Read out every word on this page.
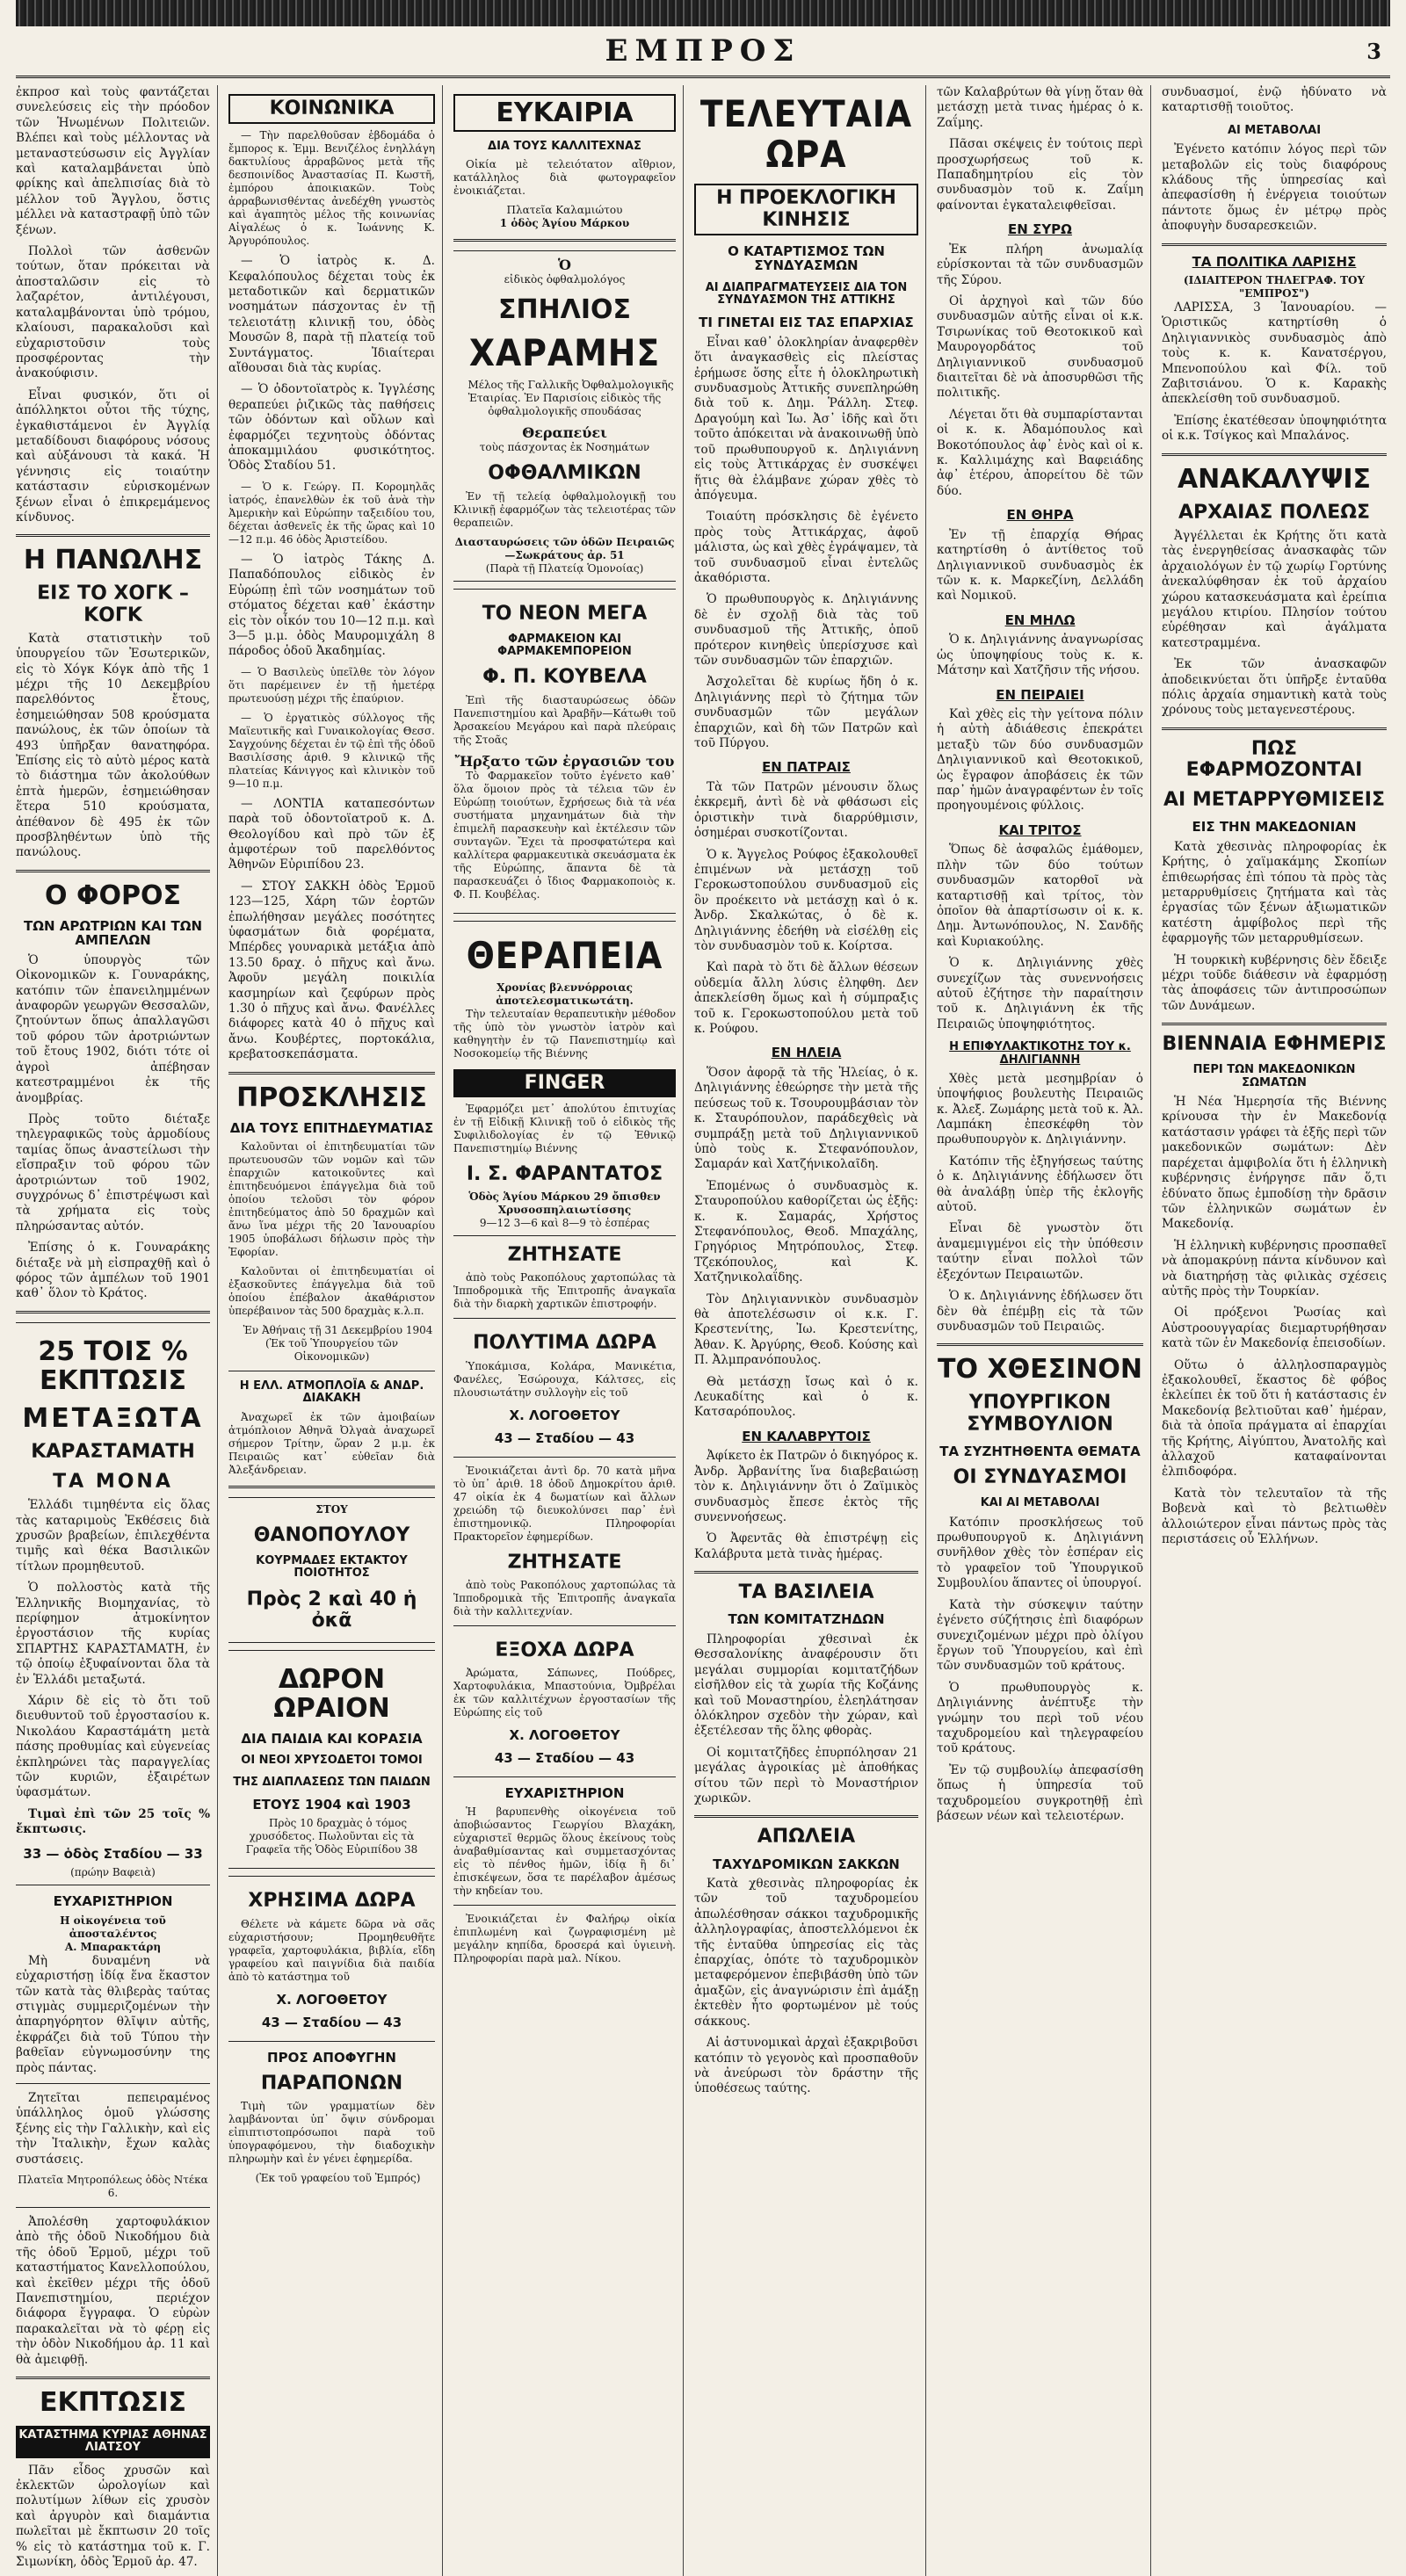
ΕΜΠΡΟΣ	3

ἐκπροσ καὶ τοὺς φαντάζεται συνελεύσεις εἰς τὴν πρόοδον τῶν Ἡνωμένων Πολιτειῶν. Βλέπει καὶ τοὺς μέλλοντας νὰ μεταναστεύσωσιν εἰς Ἀγγλίαν καὶ καταλαμβάνεται ὑπὸ φρίκης καὶ ἀπελπισίας διὰ τὸ μέλλον τοῦ Ἄγγλου, ὅστις μέλλει νὰ καταστραφῇ ὑπὸ τῶν ξένων.

Πολλοὶ τῶν ἀσθενῶν τούτων, ὅταν πρόκειται νὰ ἀποσταλῶσιν εἰς τὸ λαζαρέτον, ἀντιλέγουσι, καταλαμβάνονται ὑπὸ τρόμου, κλαίουσι, παρακαλοῦσι καὶ εὐχαριστοῦσιν τοὺς προσφέροντας τὴν ἀνακούφισιν.

Εἶναι φυσικόν, ὅτι οἱ ἀπόλληκτοι οὗτοι τῆς τύχης, ἐγκαθιστάμενοι ἐν Ἀγγλίᾳ μεταδίδουσι διαφόρους νόσους καὶ αὐξάνουσι τὰ κακά. Ἡ γέννησις εἰς τοιαύτην κατάστασιν εὑρισκομένων ξένων εἶναι ὁ ἐπικρεμάμενος κίνδυνος.

Η ΠΑΝΩΛΗΣ
ΕΙΣ ΤΟ ΧΟΓΚ – ΚΟΓΚ

Κατὰ στατιστικὴν τοῦ ὑπουργείου τῶν Ἐσωτερικῶν, εἰς τὸ Χόγκ Κόγκ ἀπὸ τῆς 1 μέχρι τῆς 10 Δεκεμβρίου παρελθόντος ἔτους, ἐσημειώθησαν 508 κρούσματα πανώλους, ἐκ τῶν ὁποίων τὰ 493 ὑπῆρξαν θανατηφόρα. Ἐπίσης εἰς τὸ αὐτὸ μέρος κατὰ τὸ διάστημα τῶν ἀκολούθων ἑπτὰ ἡμερῶν, ἐσημειώθησαν ἕτερα 510 κρούσματα, ἀπέθανον δὲ 495 ἐκ τῶν προσβληθέντων ὑπὸ τῆς πανώλους.

Ο ΦΟΡΟΣ
ΤΩΝ ΑΡΩΤΡΙΩΝ ΚΑΙ ΤΩΝ ΑΜΠΕΛΩΝ

Ὁ ὑπουργὸς τῶν Οἰκονομικῶν κ. Γουναράκης, κατόπιν τῶν ἐπανειλημμένων ἀναφορῶν γεωργῶν Θεσσαλῶν, ζητούντων ὅπως ἀπαλλαγῶσι τοῦ φόρου τῶν ἀροτριώντων τοῦ ἔτους 1902, διότι τότε οἱ ἀγροὶ ἀπέβησαν κατεστραμμένοι ἐκ τῆς ἀνομβρίας.

Πρὸς τοῦτο διέταξε τηλεγραφικῶς τοὺς ἀρμοδίους ταμίας ὅπως ἀναστείλωσι τὴν εἴσπραξιν τοῦ φόρου τῶν ἀροτριώντων τοῦ 1902, συγχρόνως δ᾽ ἐπιστρέψωσι καὶ τὰ χρήματα εἰς τοὺς πληρώσαντας αὐτόν.

Ἐπίσης ὁ κ. Γουναράκης διέταξε νὰ μὴ εἰσπραχθῇ καὶ ὁ φόρος τῶν ἀμπέλων τοῦ 1901 καθ᾽ ὅλον τὸ Κράτος.

25 ΤΟΙΣ % ΕΚΠΤΩΣΙΣ
ΜΕΤΑΞΩΤΑ
ΚΑΡΑΣΤΑΜΑΤΗ
ΤΑ ΜΟΝΑ

Ἑλλάδι τιμηθέντα εἰς ὅλας τὰς καταριμοὺς Ἐκθέσεις διὰ χρυσῶν βραβείων, ἐπιλεχθέντα τιμῆς καὶ θέκα Βασιλικῶν τίτλων προμηθευτοῦ.

Ὁ πολλοστὸς κατὰ τῆς Ἑλληνικῆς Βιομηχανίας, τὸ περίφημον ἀτμοκίνητον ἐργοστάσιον τῆς κυρίας ΣΠΑΡΤΗΣ ΚΑΡΑΣΤΑΜΑΤΗ, ἐν τῷ ὁποίῳ ἐξυφαίνονται ὅλα τὰ ἐν Ἑλλάδι μεταξωτά.

Χάριν δὲ εἰς τὸ ὄτι τοῦ διευθυντοῦ τοῦ ἐργοστασίου κ. Νικολάου Καραστάμάτη μετὰ πάσης προθυμίας καὶ εὐγενείας ἐκπληρώνει τὰς παραγγελίας τῶν κυριῶν, ἐξαιρέτων ὑφασμάτων.

Τιμαὶ ἐπὶ τῶν 25 τοῖς % ἔκπτωσις.

33 — ὁδὸς Σταδίου — 33
(πρώην Βαφειὰ)
ΕΥΧΑΡΙΣΤΗΡΙΟΝ
Η οἰκογένεια τοῦ ἀποσταλέντος
Α. Μπαρακτάρη

Μὴ δυναμένη νὰ εὐχαριστήσῃ ἰδίᾳ ἕνα ἕκαστον τῶν κατὰ τὰς θλιβερὰς ταύτας στιγμὰς συμμεριζομένων τὴν ἀπαρηγόρητον θλῖψιν αὐτῆς, ἐκφράζει διὰ τοῦ Τύπου τὴν βαθεῖαν εὐγνωμοσύνην της πρὸς πάντας.

Ζητεῖται πεπειραμένος ὑπάλληλος ὁμοῦ γλώσσης ξένης εἰς τὴν Γαλλικὴν, καὶ εἰς τὴν Ἰταλικὴν, ἔχων καλὰς συστάσεις.

Πλατεῖα Μητροπόλεως ὁδὸς Ντέκα 6.

Ἀπολέσθη χαρτοφυλάκιον ἀπὸ τῆς ὁδοῦ Νικοδήμου διὰ τῆς ὁδοῦ Ἑρμοῦ, μέχρι τοῦ καταστήματος Κανελλοπούλου, καὶ ἐκεῖθεν μέχρι τῆς ὁδοῦ Πανεπιστημίου, περιέχον διάφορα ἔγγραφα. Ὁ εὑρὼν παρακαλεῖται νὰ τὸ φέρῃ εἰς τὴν ὁδὸν Νικοδήμου ἀρ. 11 καὶ θὰ ἀμειφθῇ.

ΕΚΠΤΩΣΙΣ
ΚΑΤΑΣΤΗΜΑ ΚΥΡΙΑΣ ΑΘΗΝΑΣ ΛΙΑΤΣΟΥ

Πᾶν εἶδος χρυσῶν καὶ ἐκλεκτῶν ὡρολογίων καὶ πολυτίμων λίθων εἰς χρυσὸν καὶ ἀργυρὸν καὶ διαμάντια πωλεῖται μὲ ἔκπτωσιν 20 τοῖς % εἰς τὸ κατάστημα τοῦ κ. Γ. Σιμωνίκη, ὁδὸς Ἑρμοῦ ἀρ. 47.

ΚΟΙΝΩΝΙΚΑ

— Τὴν παρελθοῦσαν ἑβδομάδα ὁ ἔμπορος κ. Ἐμμ. Βενιζέλος ἐνηλλάγη δακτυλίους ἀρραβῶνος μετὰ τῆς δεσποινίδος Ἀναστασίας Π. Κωστῆ, ἐμπόρου ἀποικιακῶν. Τοὺς ἀρραβωνισθέντας ἀνεδέχθη γνωστὸς καὶ ἀγαπητὸς μέλος τῆς κοινωνίας Αἰγαλέως ὁ κ. Ἰωάννης Κ. Ἀργυρόπουλος.

— Ὁ ἰατρὸς κ. Δ. Κεφαλόπουλος δέχεται τοὺς ἐκ μεταδοτικῶν καὶ δερματικῶν νοσημάτων πάσχοντας ἐν τῇ τελειοτάτῃ κλινικῇ του, ὁδὸς Μουσῶν 8, παρὰ τῇ πλατείᾳ τοῦ Συντάγματος. Ἰδιαίτεραι αἴθουσαι διὰ τὰς κυρίας.

— Ὁ ὀδοντοϊατρὸς κ. Ἰγγλέσης θεραπεύει ῥιζικῶς τὰς παθήσεις τῶν ὀδόντων καὶ οὔλων καὶ ἐφαρμόζει τεχνητοὺς ὀδόντας ἀποκαμμιλάου φυσικότητος. Ὁδὸς Σταδίου 51.

— Ὁ κ. Γεώργ. Π. Κορομηλᾶς ἰατρός, ἐπανελθὼν ἐκ τοῦ ἀνὰ τὴν Ἀμερικὴν καὶ Εὐρώπην ταξειδίου του, δέχεται ἀσθενεῖς ἐκ τῆς ὥρας καὶ 10—12 π.μ. 46 ὁδὸς Ἀριστείδου.

— Ὁ ἰατρὸς Τάκης Δ. Παπαδόπουλος εἰδικὸς ἐν Εὐρώπῃ ἐπὶ τῶν νοσημάτων τοῦ στόματος δέχεται καθ᾽ ἑκάστην εἰς τὸν οἶκόν του 10—12 π.μ. καὶ 3—5 μ.μ. ὁδὸς Μαυρομιχάλη 8 πάροδος ὁδοῦ Ἀκαδημίας.

— Ὁ Βασιλεὺς ὑπεῖλθε τὸν λόγον ὅτι παρέμεινεν ἐν τῇ ἡμετέρᾳ πρωτευούσῃ μέχρι τῆς ἐπαύριον.

— Ὁ ἐργατικὸς σύλλογος τῆς Μαϊευτικῆς καὶ Γυναικολογίας Θεσσ. Σαγχούνης δέχεται ἐν τῷ ἐπὶ τῆς ὁδοῦ Βασιλίσσης ἀριθ. 9 κλινικῷ τῆς πλατείας Κάνιγγος καὶ κλινικὸν τοῦ 9—10 π.μ.

— ΛΟΝΤΙΑ καταπεσόντων παρὰ τοῦ ὀδοντοϊατροῦ κ. Δ. Θεολογίδου καὶ πρὸ τῶν ἐξ ἀμφοτέρων τοῦ παρελθόντος Ἀθηνῶν Εὐριπίδου 23.

— ΣΤΟΥ ΣΑΚΚΗ ὁδὸς Ἑρμοῦ 123—125, Χάρη τῶν ἑορτῶν ἐπωλήθησαν μεγάλες ποσότητες ὑφασμάτων διὰ φορέματα, Μπέρδες γουναρικὰ μετάξια ἀπὸ 13.50 δραχ. ὁ πῆχυς καὶ ἄνω. Ἀφοῦν μεγάλη ποικιλία κασμηρίων καὶ ζεφύρων πρὸς 1.30 ὁ πῆχυς καὶ ἄνω. Φανέλλες διάφορες κατὰ 40 ὁ πῆχυς καὶ ἄνω. Κουβέρτες, πορτοκάλια, κρεβατοσκεπάσματα.

ΠΡΟΣΚΛΗΣΙΣ
ΔΙΑ ΤΟΥΣ ΕΠΙΤΗΔΕΥΜΑΤΙΑΣ

Καλοῦνται οἱ ἐπιτηδευματίαι τῶν πρωτευουσῶν τῶν νομῶν καὶ τῶν ἐπαρχιῶν κατοικοῦντες καὶ ἐπιτηδευόμενοι ἐπάγγελμα διὰ τοῦ ὁποίου τελοῦσι τὸν φόρον ἐπιτηδεύματος ἀπὸ 50 δραχμῶν καὶ ἄνω ἵνα μέχρι τῆς 20 Ἰανουαρίου 1905 ὑποβάλωσι δήλωσιν πρὸς τὴν Ἐφορίαν.

Καλοῦνται οἱ ἐπιτηδευματίαι οἱ ἐξασκοῦντες ἐπάγγελμα διὰ τοῦ ὁποίου ἐπέβαλον ἀκαθάριστον ὑπερέβαινον τὰς 500 δραχμὰς κ.λ.π.

Ἐν Ἀθήναις τῇ 31 Δεκεμβρίου 1904 (Ἐκ τοῦ Ὑπουργείου τῶν Οἰκονομικῶν)

Η ΕΛΛ. ΑΤΜΟΠΛΟΪΑ & ΑΝΔΡ. ΔΙΑΚΑΚΗ

Ἀναχωρεῖ ἐκ τῶν ἀμοιβαίων ἀτμόπλοιον Ἀθηνᾶ Ὀλγαὰ ἀναχωρεῖ σήμερον Τρίτην, ὥραν 2 μ.μ. ἐκ Πειραιῶς κατ᾽ εὐθεῖαν διὰ Ἀλεξάνδρειαν.

ΣΤΟΥ
ΘΑΝΟΠΟΥΛΟΥ
ΚΟΥΡΜΑΔΕΣ ΕΚΤΑΚΤΟΥ ΠΟΙΟΤΗΤΟΣ
Πρὸς 2 καὶ 40 ἡ ὀκᾶ
ΔΩΡΟΝ ΩΡΑΙΟΝ
ΔΙΑ ΠΑΙΔΙΑ ΚΑΙ ΚΟΡΑΣΙΑ
ΟΙ ΝΕΟΙ ΧΡΥΣΟΔΕΤΟΙ ΤΟΜΟΙ
ΤΗΣ ΔΙΑΠΛΑΣΕΩΣ ΤΩΝ ΠΑΙΔΩΝ
ΕΤΟΥΣ 1904 καὶ 1903

Πρὸς 10 δραχμὰς ὁ τόμος χρυσόδετος. Πωλοῦνται εἰς τὰ Γραφεῖα τῆς Ὁδὸς Εὐριπίδου 38

ΧΡΗΣΙΜΑ ΔΩΡΑ

Θέλετε νὰ κάμετε δῶρα νὰ σᾶς εὐχαριστήσουν; Προμηθευθῆτε γραφεῖα, χαρτοφυλάκια, βιβλία, εἴδη γραφείου καὶ παιγνίδια διὰ παιδία ἀπὸ τὸ κατάστημα τοῦ

Χ. ΛΟΓΟΘΕΤΟΥ
43 — Σταδίου — 43
ΠΡΟΣ ΑΠΟΦΥΓΗΝ
ΠΑΡΑΠΟΝΩΝ

Τιμὴ τῶν γραμματίων δὲν λαμβάνονται ὑπ᾽ ὄψιν σύνδρομαι εἰπιπτιστοπρόσωποι παρὰ τοῦ ὑπογραφόμενου, τὴν διαδοχικὴν πληρωμὴν καὶ ἐν γένει ἐφημερίδα.

(Ἐκ τοῦ γραφείου τοῦ Ἐμπρός)

ΕΥΚΑΙΡΙΑ
ΔΙΑ ΤΟΥΣ ΚΑΛΛΙΤΕΧΝΑΣ

Οἰκία μὲ τελειότατον αἴθριον, κατάλληλος διὰ φωτογραφεῖον ἐνοικιάζεται.

Πλατεῖα Καλαμιώτου
1 ὁδὸς Ἁγίου Μάρκου
Ὁ
εἰδικὸς ὀφθαλμολόγος
ΣΠΗΛΙΟΣ
ΧΑΡΑΜΗΣ

Μέλος τῆς Γαλλικῆς Ὀφθαλμολογικῆς Ἑταιρίας. Ἐν Παρισίοις εἰδικὸς τῆς ὀφθαλμολογικῆς σπουδάσας

Θεραπεύει
τοὺς πάσχοντας ἐκ Νοσημάτων
ΟΦΘΑΛΜΙΚΩΝ

Ἐν τῇ τελείᾳ ὀφθαλμολογικῇ του Κλινικῇ ἐφαρμόζων τὰς τελειοτέρας τῶν θεραπειῶν.

Διασταυρώσεις τῶν ὁδῶν Πειραιῶς—Σωκράτους ἀρ. 51
(Παρὰ τῇ Πλατείᾳ Ὁμονοίας)
ΤΟ ΝΕΟΝ ΜΕΓΑ
ΦΑΡΜΑΚΕΙΟΝ ΚΑΙ ΦΑΡΜΑΚΕΜΠΟΡΕΙΟΝ
Φ. Π. ΚΟΥΒΕΛΑ

Ἐπὶ τῆς διασταυρώσεως ὁδῶν Πανεπιστημίου καὶ Ἀραβῆν—Κάτωθι τοῦ Ἀρσακείου Μεγάρου καὶ παρὰ πλεύραις τῆς Στοᾶς

Ἤρξατο τῶν ἐργασιῶν του

Τὸ Φαρμακεῖον τοῦτο ἐγένετο καθ᾽ ὅλα ὅμοιον πρὸς τὰ τέλεια τῶν ἐν Εὐρώπῃ τοιούτων, ἔχρήσεως διὰ τὰ νέα συστήματα μηχανημάτων διὰ τὴν ἐπιμελῆ παρασκευὴν καὶ ἐκτέλεσιν τῶν συνταγῶν. Ἔχει τὰ προσφατώτερα καὶ καλλίτερα φαρμακευτικὰ σκευάσματα ἐκ τῆς Εὐρώπης, ἅπαντα δὲ τὰ παρασκευάζει ὁ ἴδιος Φαρμακοποιὸς κ. Φ. Π. Κουβέλας.

ΘΕΡΑΠΕΙΑ
Χρονίας βλεννόρροιας ἀποτελεσματικωτάτη.

Τὴν τελευταίαν θεραπευτικὴν μέθοδον τῆς ὑπὸ τὸν γνωστὸν ἰατρὸν καὶ καθηγητὴν ἐν τῷ Πανεπιστημίῳ καὶ Νοσοκομείῳ τῆς Βιέννης

FINGER

Ἐφαρμόζει μετ᾽ ἀπολύτου ἐπιτυχίας ἐν τῇ Εἰδικῇ Κλινικῇ τοῦ ὁ εἰδικὸς τῆς Συφιλιδολογίας ἐν τῷ Ἐθνικῷ Πανεπιστημίῳ Βιέννης

Ι. Σ. ΦΑΡΑΝΤΑΤΟΣ
Ὁδὸς Ἁγίου Μάρκου 29 ὄπισθεν Χρυσοσπηλαιωτίσσης
9—12 3—6 καὶ 8—9 τὸ ἑσπέρας
ΖΗΤΗΣΑΤΕ

ἀπὸ τοὺς Ρακοπόλους χαρτοπώλας τὰ Ἱπποδρομικὰ τῆς Ἐπιτροπῆς ἀναγκαῖα διὰ τὴν διαρκὴ χαρτικῶν ἐπιστροφήν.

ΠΟΛΥΤΙΜΑ ΔΩΡΑ

Ὑποκάμισα, Κολάρα, Μανικέτια, Φανέλες, Ἐσώρουχα, Κάλτσες, εἰς πλουσιωτάτην συλλογὴν εἰς τοῦ

Χ. ΛΟΓΟΘΕΤΟΥ
43 — Σταδίου — 43

Ἐνοικιάζεται ἀντὶ δρ. 70 κατὰ μῆνα τὸ ὑπ᾽ ἀριθ. 18 ὁδοῦ Δημοκρίτου ἀριθ. 47 οἰκία ἐκ 4 δωματίων καὶ ἄλλων χρειώδη τῷ διευκολύνσει παρ᾽ ἑνὶ ἐπιστημονικῷ. Πληροφορίαι Πρακτορεῖον ἐφημερίδων.

ΖΗΤΗΣΑΤΕ

ἀπὸ τοὺς Ρακοπόλους χαρτοπώλας τὰ Ἱπποδρομικὰ τῆς Ἐπιτροπῆς ἀναγκαῖα διὰ τὴν καλλιτεχνίαν.

ΕΞΟΧΑ ΔΩΡΑ

Ἀρώματα, Σάπωνες, Πούδρες, Χαρτοφυλάκια, Μπαστούνια, Ὀμβρέλαι ἐκ τῶν καλλιτέχνων ἐργοστασίων τῆς Εὐρώπης εἰς τοῦ

Χ. ΛΟΓΟΘΕΤΟΥ
43 — Σταδίου — 43
ΕΥΧΑΡΙΣΤΗΡΙΟΝ

Ἡ βαρυπενθὴς οἰκογένεια τοῦ ἀποβιώσαντος Γεωργίου Βλαχάκη, εὐχαριστεῖ θερμῶς ὅλους ἐκείνους τοὺς ἀναβαθμίσαντας καὶ συμμετασχόντας εἰς τὸ πένθος ἡμῶν, ἰδίᾳ ἢ δι᾽ ἐπισκέψεων, ὅσα τε παρέλαβον ἀμέσως τὴν κηδείαν του.

Ἐνοικιάζεται ἐν Φαλήρῳ οἰκία ἐπιπλωμένη καὶ ζωγραφισμένη μὲ μεγάλην κηπίδα, δροσερά καὶ ὑγιεινὴ. Πληροφορίαι παρὰ μαλ. Νίκου.

ΤΕΛΕΥΤΑΙΑ ΩΡΑ
Η ΠΡΟΕΚΛΟΓΙΚΗ ΚΙΝΗΣΙΣ
Ο ΚΑΤΑΡΤΙΣΜΟΣ ΤΩΝ ΣΥΝΔΥΑΣΜΩΝ
ΑΙ ΔΙΑΠΡΑΓΜΑΤΕΥΣΕΙΣ ΔΙΑ ΤΟΝ ΣΥΝΔΥΑΣΜΟΝ ΤΗΣ ΑΤΤΙΚΗΣ
ΤΙ ΓΙΝΕΤΑΙ ΕΙΣ ΤΑΣ ΕΠΑΡΧΙΑΣ

Εἶναι καθ᾽ ὁλοκληρίαν ἀναφερθὲν ὅτι ἀναγκασθεὶς εἰς πλείστας ἐρήμωσε ὅσης εἶτε ἡ ὁλοκληρωτικὴ συνδυασμοὺς Ἀττικῆς συνεπληρώθη διὰ τοῦ κ. Δημ. Ῥάλλη. Στεφ. Δραγούμη καὶ Ἰω. Ἀσ᾽ ἰδῆς καὶ ὅτι τοῦτο ἀπόκειται νὰ ἀνακοινωθῇ ὑπὸ τοῦ πρωθυπουργοῦ κ. Δηλιγιάννη εἰς τοὺς Ἀττικάρχας ἐν συσκέψει ἥτις θὰ ἐλάμβανε χώραν χθὲς τὸ ἀπόγευμα.

Τοιαύτη πρόσκλησις δὲ ἐγένετο πρὸς τοὺς Ἀττικάρχας, ἀφοῦ μάλιστα, ὡς καὶ χθὲς ἐγράψαμεν, τὰ τοῦ συνδυασμοῦ εἶναι ἐντελῶς ἀκαθόριστα.

Ὁ πρωθυπουργὸς κ. Δηλιγιάννης δὲ ἐν σχολῇ διὰ τὰς τοῦ συνδυασμοῦ τῆς Ἀττικῆς, ὁποῦ πρότερον κινηθεὶς ὑπερίσχυσε καὶ τῶν συνδυασμῶν τῶν ἐπαρχιῶν.

Ἀσχολεῖται δὲ κυρίως ἤδη ὁ κ. Δηλιγιάννης περὶ τὸ ζήτημα τῶν συνδυασμῶν τῶν μεγάλων ἐπαρχιῶν, καὶ δὴ τῶν Πατρῶν καὶ τοῦ Πύργου.

ΕΝ ΠΑΤΡΑΙΣ

Τὰ τῶν Πατρῶν μένουσιν ὅλως ἐκκρεμῆ, ἀντὶ δὲ νὰ φθάσωσι εἰς ὁριστικὴν τινὰ διαρρύθμισιν, ὁσημέραι συσκοτίζονται.

Ὁ κ. Ἄγγελος Ρούφος ἐξακολουθεῖ ἐπιμένων νὰ μετάσχῃ τοῦ Γεροκωστοπούλου συνδυασμοῦ εἰς ὃν προέκειτο νὰ μετάσχῃ καὶ ὁ κ. Ἀνδρ. Σκαλκώτας, ὁ δὲ κ. Δηλιγιάννης ἐδεήθη νὰ εἰσέλθῃ εἰς τὸν συνδυασμὸν τοῦ κ. Κοίρτσα.

Καὶ παρὰ τὸ ὅτι δὲ ἄλλων θέσεων οὐδεμία ἄλλη λύσις ἐληφθη. Δεν ἀπεκλείσθη ὅμως καὶ ἡ σύμπραξις τοῦ κ. Γεροκωστοπούλου μετὰ τοῦ κ. Ρούφου.

ΕΝ ΗΛΕΙΑ

Ὅσον ἀφορᾷ τὰ τῆς Ἠλείας, ὁ κ. Δηλιγιάννης ἐθεώρησε τὴν μετὰ τῆς πεύσεως τοῦ κ. Τσουρουμβάσιαν τὸν κ. Σταυρόπουλον, παράδεχθεὶς νὰ συμπράξῃ μετὰ τοῦ Δηλιγιαννικοῦ ὑπὸ τοὺς κ. Στεφανόπουλον, Σαμαράν καὶ Χατζήνικολαῖδη.

Ἐπομένως ὁ συνδυασμὸς κ. Σταυροπούλου καθορίζεται ὡς ἑξῆς: κ. κ. Σαμαράς, Χρήστος Στεφανόπουλος, Θεοδ. Μπαχάλης, Γρηγόριος Μητρόπουλος, Στεφ. Τζεκόπουλος, καὶ Κ. Χατζηνικολαΐδης.

Τὸν Δηλιγιαννικὸν συνδυασμὸν θὰ ἀποτελέσωσιν οἱ κ.κ. Γ. Κρεστενίτης, Ἰω. Κρεστενίτης, Ἀθαν. Κ. Ἀργύρης, Θεοδ. Κούσης καὶ Π. Ἀλμπρανόπουλος.

Θὰ μετάσχῃ ἴσως καὶ ὁ κ. Λευκαδίτης καὶ ὁ κ. Κατσαρόπουλος.

ΕΝ ΚΑΛΑΒΡΥΤΟΙΣ

Ἀφίκετο ἐκ Πατρῶν ὁ δικηγόρος κ. Ἀνδρ. Ἀρβανίτης ἵνα διαβεβαιώσῃ τὸν κ. Δηλιγιάννην ὅτι ὁ Ζαϊμικὸς συνδυασμὸς ἔπεσε ἐκτὸς τῆς συνεννοήσεως.

Ὁ Ἀφεντᾶς θὰ ἐπιστρέψῃ εἰς Καλάβρυτα μετὰ τινὰς ἡμέρας.

ΤΑ ΒΑΣΙΛΕΙΑ
ΤΩΝ ΚΟΜΙΤΑΤΖΗΔΩΝ

Πληροφορίαι χθεσιναὶ ἐκ Θεσσαλονίκης ἀναφέρουσιν ὅτι μεγάλαι συμμορίαι κομιτατζήδων εἰσῆλθον εἰς τὰ χωρία τῆς Κοζάνης καὶ τοῦ Μοναστηρίου, ἐλεηλάτησαν ὁλόκληρον σχεδὸν τὴν χώραν, καὶ ἐξετέλεσαν τῆς ὅλης φθορὰς.

Οἱ κομιτατζῆδες ἐπυρπόλησαν 21 μεγάλας ἀγροικίας μὲ ἀποθήκας σίτου τῶν περὶ τὸ Μοναστήριον χωρικῶν.

ΑΠΩΛΕΙΑ
ΤΑΧΥΔΡΟΜΙΚΩΝ ΣΑΚΚΩΝ

Κατὰ χθεσινὰς πληροφορίας ἐκ τῶν τοῦ ταχυδρομείου ἀπωλέσθησαν σάκκοι ταχυδρομικῆς ἀλληλογραφίας, ἀποστελλόμενοι ἐκ τῆς ἐνταῦθα ὑπηρεσίας εἰς τὰς ἐπαρχίας, ὁπότε τὸ ταχυδρομικὸν μεταφερόμενον ἐπεβιβάσθη ὑπὸ τῶν ἀμαξῶν, εἰς ἀναγνώρισιν ἐπὶ ἁμάξῃ ἐκτεθὲν ἦτο φορτωμένον μὲ τούς σάκκους.

Αἱ ἀστυνομικαὶ ἀρχαὶ ἐξακριβοῦσι κατόπιν τὸ γεγονὸς καὶ προσπαθοῦν νὰ ἀνεύρωσι τὸν δράστην τῆς ὑποθέσεως ταύτης.

τῶν Καλαβρύτων θὰ γίνῃ ὅταν θὰ μετάσχῃ μετὰ τινας ἡμέρας ὁ κ. Ζαΐμης.

Πᾶσαι σκέψεις ἐν τούτοις περὶ προσχωρήσεως τοῦ κ. Παπαδημητρίου εἰς τὸν συνδυασμὸν τοῦ κ. Ζαΐμη φαίνονται ἐγκαταλειφθεῖσαι.

ΕΝ ΣΥΡΩ

Ἐκ πλήρη ἀνωμαλίᾳ εὑρίσκονται τὰ τῶν συνδυασμῶν τῆς Σύρου.

Οἱ ἀρχηγοὶ καὶ τῶν δύο συνδυασμῶν αὐτῆς εἶναι οἱ κ.κ. Τσιρωνίκας τοῦ Θεοτοκικοῦ καὶ Μαυρογορδάτος τοῦ Δηλιγιαννικοῦ συνδυασμοῦ διαιτεῖται δὲ νὰ ἀποσυρθῶσι τῆς πολιτικῆς.

Λέγεται ὅτι θὰ συμπαρίστανται οἱ κ. κ. Ἀδαμόπουλος καὶ Βοκοτόπουλος ἀφ᾽ ἑνὸς καὶ οἱ κ. κ. Καλλιμάχης καὶ Βαφειάδης ἀφ᾽ ἑτέρου, ἀπορείτου δὲ τῶν δύο.

ΕΝ ΘΗΡΑ

Ἐν τῇ ἐπαρχίᾳ Θήρας κατηρτίσθη ὁ ἀντίθετος τοῦ Δηλιγιαννικοῦ συνδυασμὸς ἐκ τῶν κ. κ. Μαρκεζίνη, Δελλάδη καὶ Νομικοῦ.

ΕΝ ΜΗΛΩ

Ὁ κ. Δηλιγιάννης ἀναγνωρίσας ὡς ὑποψηφίους τοὺς κ. κ. Μάτσην καὶ Χατζῆσιν τῆς νήσου.

ΕΝ ΠΕΙΡΑΙΕΙ

Καὶ χθὲς εἰς τὴν γείτονα πόλιν ἡ αὐτὴ ἀδιάθεσις ἐπεκράτει μεταξὺ τῶν δύο συνδυασμῶν Δηλιγιαννικοῦ καὶ Θεοτοκικοῦ, ὡς ἔγραφον ἀποβάσεις ἐκ τῶν παρ᾽ ἡμῶν ἀναγραφέντων ἐν τοῖς προηγουμένοις φύλλοις.

ΚΑΙ ΤΡΙΤΟΣ

Ὅπως δὲ ἀσφαλῶς ἐμάθομεν, πλὴν τῶν δύο τούτων συνδυασμῶν κατορθοῖ νὰ καταρτισθῇ καὶ τρίτος, τὸν ὁποῖον θὰ ἀπαρτίσωσιν οἱ κ. κ. Δημ. Ἀντωνόπουλος, Ν. Σανδῆς καὶ Κυριακούλης.

Ὁ κ. Δηλιγιάννης χθὲς συνεχίζων τὰς συνεννοήσεις αὐτοῦ ἐζήτησε τὴν παραίτησιν τοῦ κ. Δηλιγιάννη ἐκ τῆς Πειραιῶς ὑποψηφιότητος.

Η ΕΠΙΦΥΛΑΚΤΙΚΟΤΗΣ ΤΟΥ κ. ΔΗΛΙΓΙΑΝΝΗ

Χθὲς μετὰ μεσημβρίαν ὁ ὑποψήφιος βουλευτὴς Πειραιῶς κ. Ἀλεξ. Ζωμάρης μετὰ τοῦ κ. Ἀλ. Λαμπάκη ἐπεσκέφθη τὸν πρωθυπουργὸν κ. Δηλιγιάννην.

Κατόπιν τῆς ἐξηγήσεως ταύτης ὁ κ. Δηλιγιάννης ἐδήλωσεν ὅτι θὰ ἀναλάβῃ ὑπὲρ τῆς ἐκλογῆς αὐτοῦ.

Εἶναι δὲ γνωστὸν ὅτι ἀναμεμιγμένοι εἰς τὴν ὑπόθεσιν ταύτην εἶναι πολλοὶ τῶν ἐξεχόντων Πειραιωτῶν.

Ὁ κ. Δηλιγιάννης ἐδήλωσεν ὅτι δὲν θὰ ἐπέμβῃ εἰς τὰ τῶν συνδυασμῶν τοῦ Πειραιῶς.

ΤΟ ΧΘΕΣΙΝΟΝ
ΥΠΟΥΡΓΙΚΟΝ ΣΥΜΒΟΥΛΙΟΝ
ΤΑ ΣΥΖΗΤΗΘΕΝΤΑ ΘΕΜΑΤΑ
ΟΙ ΣΥΝΔΥΑΣΜΟΙ
ΚΑΙ ΑΙ ΜΕΤΑΒΟΛΑΙ

Κατόπιν προσκλήσεως τοῦ πρωθυπουργοῦ κ. Δηλιγιάννη συνῆλθον χθὲς τὸν ἑσπέραν εἰς τὸ γραφεῖον τοῦ Ὑπουργικοῦ Συμβουλίου ἅπαντες οἱ ὑπουργοί.

Κατὰ τὴν σύσκεψιν ταύτην ἐγένετο σύζήτησις ἐπὶ διαφόρων συνεχιζομένων μέχρι πρὸ ὀλίγου ἔργων τοῦ Ὑπουργείου, καὶ ἐπὶ τῶν συνδυασμῶν τοῦ κράτους.

Ὁ πρωθυπουργὸς κ. Δηλιγιάννης ἀνέπτυξε τὴν γνώμην του περὶ τοῦ νέου ταχυδρομείου καὶ τηλεγραφείου τοῦ κράτους.

Ἐν τῷ συμβουλίῳ ἀπεφασίσθη ὅπως ἡ ὑπηρεσία τοῦ ταχυδρομείου συγκροτηθῇ ἐπὶ βάσεων νέων καὶ τελειοτέρων.

συνδυασμοί, ἐνῷ ἠδύνατο νὰ καταρτισθῇ τοιοῦτος.

ΑΙ ΜΕΤΑΒΟΛΑΙ

Ἐγένετο κατόπιν λόγος περὶ τῶν μεταβολῶν εἰς τοὺς διαφόρους κλάδους τῆς ὑπηρεσίας καὶ ἀπεφασίσθη ἡ ἐνέργεια τοιούτων πάντοτε ὅμως ἐν μέτρῳ πρὸς ἀποφυγὴν δυσαρεσκειῶν.

ΤΑ ΠΟΛΙΤΙΚΑ ΛΑΡΙΣΗΣ
(ΙΔΙΑΙΤΕΡΟΝ ΤΗΛΕΓΡΑΦ. ΤΟΥ "ΕΜΠΡΟΣ")

ΛΑΡΙΣΣΑ, 3 Ἰανουαρίου. — Ὁριστικῶς κατηρτίσθη ὁ Δηλιγιαννικὸς συνδυασμὸς ἀπὸ τοὺς κ. κ. Κανατσέργου, Μπενοπούλου καὶ Φίλ. τοῦ Ζαβιτσιάνου. Ὁ κ. Καρακὴς ἀπεκλείσθη τοῦ συνδυασμοῦ.

Ἐπίσης ἐκατέθεσαν ὑποψηφιότητα οἱ κ.κ. Τσίγκος καὶ Μπαλάνος.

ΑΝΑΚΑΛΥΨΙΣ
ΑΡΧΑΙΑΣ ΠΟΛΕΩΣ

Ἀγγέλλεται ἐκ Κρήτης ὅτι κατὰ τὰς ἐνεργηθείσας ἀνασκαφὰς τῶν ἀρχαιολόγων ἐν τῷ χωρίῳ Γορτύνης ἀνεκαλύφθησαν ἐκ τοῦ ἀρχαίου χώρου κατασκευάσματα καὶ ἐρείπια μεγάλου κτιρίου. Πλησίον τούτου εὑρέθησαν καὶ ἀγάλματα κατεστραμμένα.

Ἐκ τῶν ἀνασκαφῶν ἀποδεικνύεται ὅτι ὑπῆρξε ἐνταῦθα πόλις ἀρχαία σημαντικὴ κατὰ τοὺς χρόνους τοὺς μεταγενεστέρους.

ΠΩΣ ΕΦΑΡΜΟΖΟΝΤΑΙ
ΑΙ ΜΕΤΑΡΡΥΘΜΙΣΕΙΣ
ΕΙΣ ΤΗΝ ΜΑΚΕΔΟΝΙΑΝ

Κατὰ χθεσινὰς πληροφορίας ἐκ Κρήτης, ὁ χαϊμακάμης Σκοπίων ἐπιθεωρήσας ἐπὶ τόπου τὰ πρὸς τὰς μεταρρυθμίσεις ζητήματα καὶ τὰς ἐργασίας τῶν ξένων ἀξιωματικῶν κατέστη ἀμφίβολος περὶ τῆς ἐφαρμογῆς τῶν μεταρρυθμίσεων.

Ἡ τουρκικὴ κυβέρνησις δὲν ἔδειξε μέχρι τοῦδε διάθεσιν νὰ ἐφαρμόσῃ τὰς ἀποφάσεις τῶν ἀντιπροσώπων τῶν Δυνάμεων.

ΒΙΕΝΝΑΙΑ ΕΦΗΜΕΡΙΣ
ΠΕΡΙ ΤΩΝ ΜΑΚΕΔΟΝΙΚΩΝ ΣΩΜΑΤΩΝ

Ἡ Νέα Ἡμερησία τῆς Βιέννης κρίνουσα τὴν ἐν Μακεδονίᾳ κατάστασιν γράφει τὰ ἑξῆς περὶ τῶν μακεδονικῶν σωμάτων: Δὲν παρέχεται ἀμφιβολία ὅτι ἡ ἑλληνικὴ κυβέρνησις ἐνήργησε πᾶν ὅ,τι ἐδύνατο ὅπως ἐμποδίσῃ τὴν δρᾶσιν τῶν ἑλληνικῶν σωμάτων ἐν Μακεδονίᾳ.

Ἡ ἑλληνικὴ κυβέρνησις προσπαθεῖ νὰ ἀπομακρύνῃ πάντα κίνδυνον καὶ νὰ διατηρήσῃ τὰς φιλικὰς σχέσεις αὐτῆς πρὸς τὴν Τουρκίαν.

Οἱ πρόξενοι Ῥωσίας καὶ Αὐστροουγγαρίας διεμαρτυρήθησαν κατὰ τῶν ἐν Μακεδονίᾳ ἐπεισοδίων.

Οὕτω ὁ ἀλληλοσπαραγμὸς ἐξακολουθεῖ, ἕκαστος δὲ φόβος ἐκλείπει ἐκ τοῦ ὅτι ἡ κατάστασις ἐν Μακεδονίᾳ βελτιοῦται καθ᾽ ἡμέραν, διὰ τὰ ὁποῖα πράγματα αἱ ἐπαρχίαι τῆς Κρήτης, Αἰγύπτου, Ἀνατολῆς καὶ ἀλλαχοῦ καταφαίνονται ἐλπιδοφόρα.

Κατὰ τὸν τελευταῖον τὰ τῆς Βοβενὰ καὶ τὸ βελτιωθὲν ἀλλοιώτερον εἶναι πάντως πρὸς τὰς περιστάσεις οὗ Ἑλλήνων.
